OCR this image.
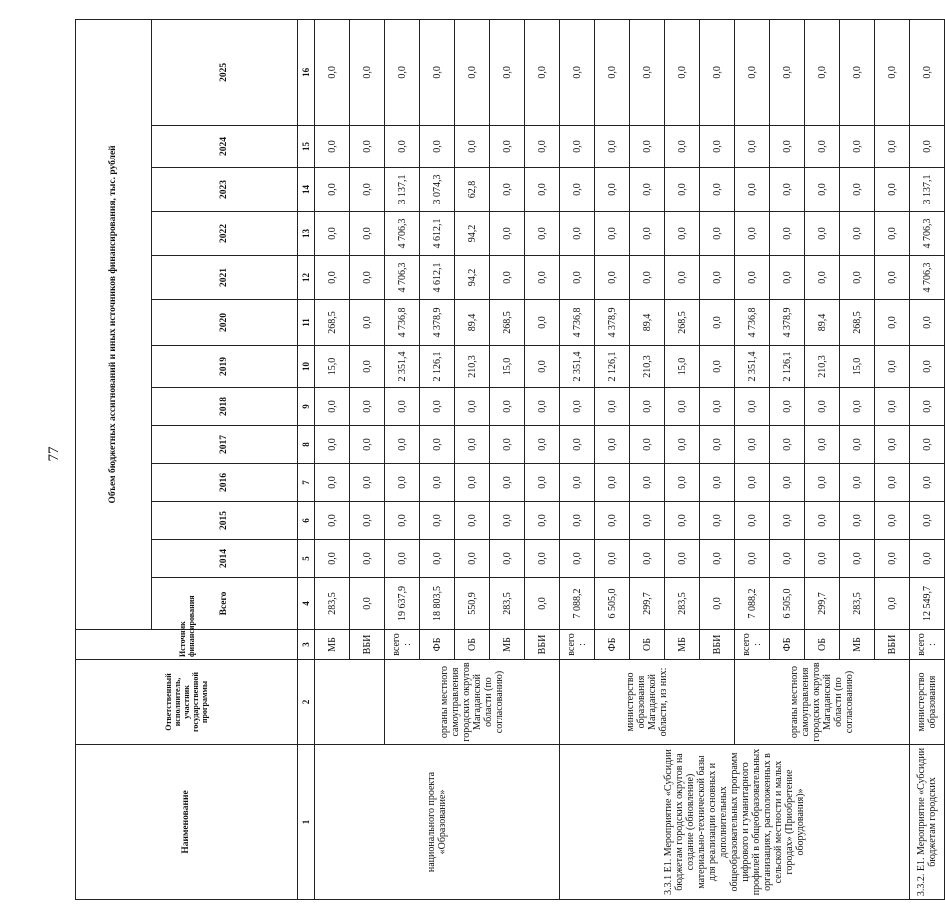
77
Наименование	Ответственный исполнитель, участник государственной программы	Источник финансирования	Объем бюджетных ассигнований и иных источников финансирования, тыс. рублей												
			Всего	2014	2015	2016	2017	2018	2019	2020	2021	2022	2023	2024	2025
1	2	3	4	5	6	7	8	9	10	11	12	13	14	15	16
национального проекта «Образование»		МБ	283,5	0,0	0,0	0,0	0,0	0,0	15,0	268,5	0,0	0,0	0,0	0,0	0,0
		ВБИ	0,0	0,0	0,0	0,0	0,0	0,0	0,0	0,0	0,0	0,0	0,0	0,0	0,0
	органы местного самоуправления городских округов Магаданской области (по согласованию)	всего :	19 637,9	0,0	0,0	0,0	0,0	0,0	2 351,4	4 736,8	4 706,3	4 706,3	3 137,1	0,0	0,0
		ФБ	18 803,5	0,0	0,0	0,0	0,0	0,0	2 126,1	4 378,9	4 612,1	4 612,1	3 074,3	0,0	0,0
		ОБ	550,9	0,0	0,0	0,0	0,0	0,0	210,3	89,4	94,2	94,2	62,8	0,0	0,0
		МБ	283,5	0,0	0,0	0,0	0,0	0,0	15,0	268,5	0,0	0,0	0,0	0,0	0,0
		ВБИ	0,0	0,0	0,0	0,0	0,0	0,0	0,0	0,0	0,0	0,0	0,0	0,0	0,0
3.3.1 Е1. Мероприятие «Субсидии бюджетам городских округов на создание (обновление) материально-технической базы для реализации основных и дополнительных общеобразовательных программ цифрового и гуманитарного профилей в общеобразовательных организациях, расположенных в сельской местности и малых городах» (Приобретение оборудования)»	министерство образования Магаданской области, из них:	всего :	7 088,2	0,0	0,0	0,0	0,0	0,0	2 351,4	4 736,8	0,0	0,0	0,0	0,0	0,0
		ФБ	6 505,0	0,0	0,0	0,0	0,0	0,0	2 126,1	4 378,9	0,0	0,0	0,0	0,0	0,0
		ОБ	299,7	0,0	0,0	0,0	0,0	0,0	210,3	89,4	0,0	0,0	0,0	0,0	0,0
		МБ	283,5	0,0	0,0	0,0	0,0	0,0	15,0	268,5	0,0	0,0	0,0	0,0	0,0
		ВБИ	0,0	0,0	0,0	0,0	0,0	0,0	0,0	0,0	0,0	0,0	0,0	0,0	0,0
	органы местного самоуправления городских округов Магаданской области (по согласованию)	всего :	7 088,2	0,0	0,0	0,0	0,0	0,0	2 351,4	4 736,8	0,0	0,0	0,0	0,0	0,0
		ФБ	6 505,0	0,0	0,0	0,0	0,0	0,0	2 126,1	4 378,9	0,0	0,0	0,0	0,0	0,0
		ОБ	299,7	0,0	0,0	0,0	0,0	0,0	210,3	89,4	0,0	0,0	0,0	0,0	0,0
		МБ	283,5	0,0	0,0	0,0	0,0	0,0	15,0	268,5	0,0	0,0	0,0	0,0	0,0
		ВБИ	0,0	0,0	0,0	0,0	0,0	0,0	0,0	0,0	0,0	0,0	0,0	0,0	0,0
3.3.2. Е1. Мероприятие «Субсидии бюджетам городских	министерство образования	всего :	12 549,7	0,0	0,0	0,0	0,0	0,0	0,0	0,0	4 706,3	4 706,3	3 137,1	0,0	0,0
